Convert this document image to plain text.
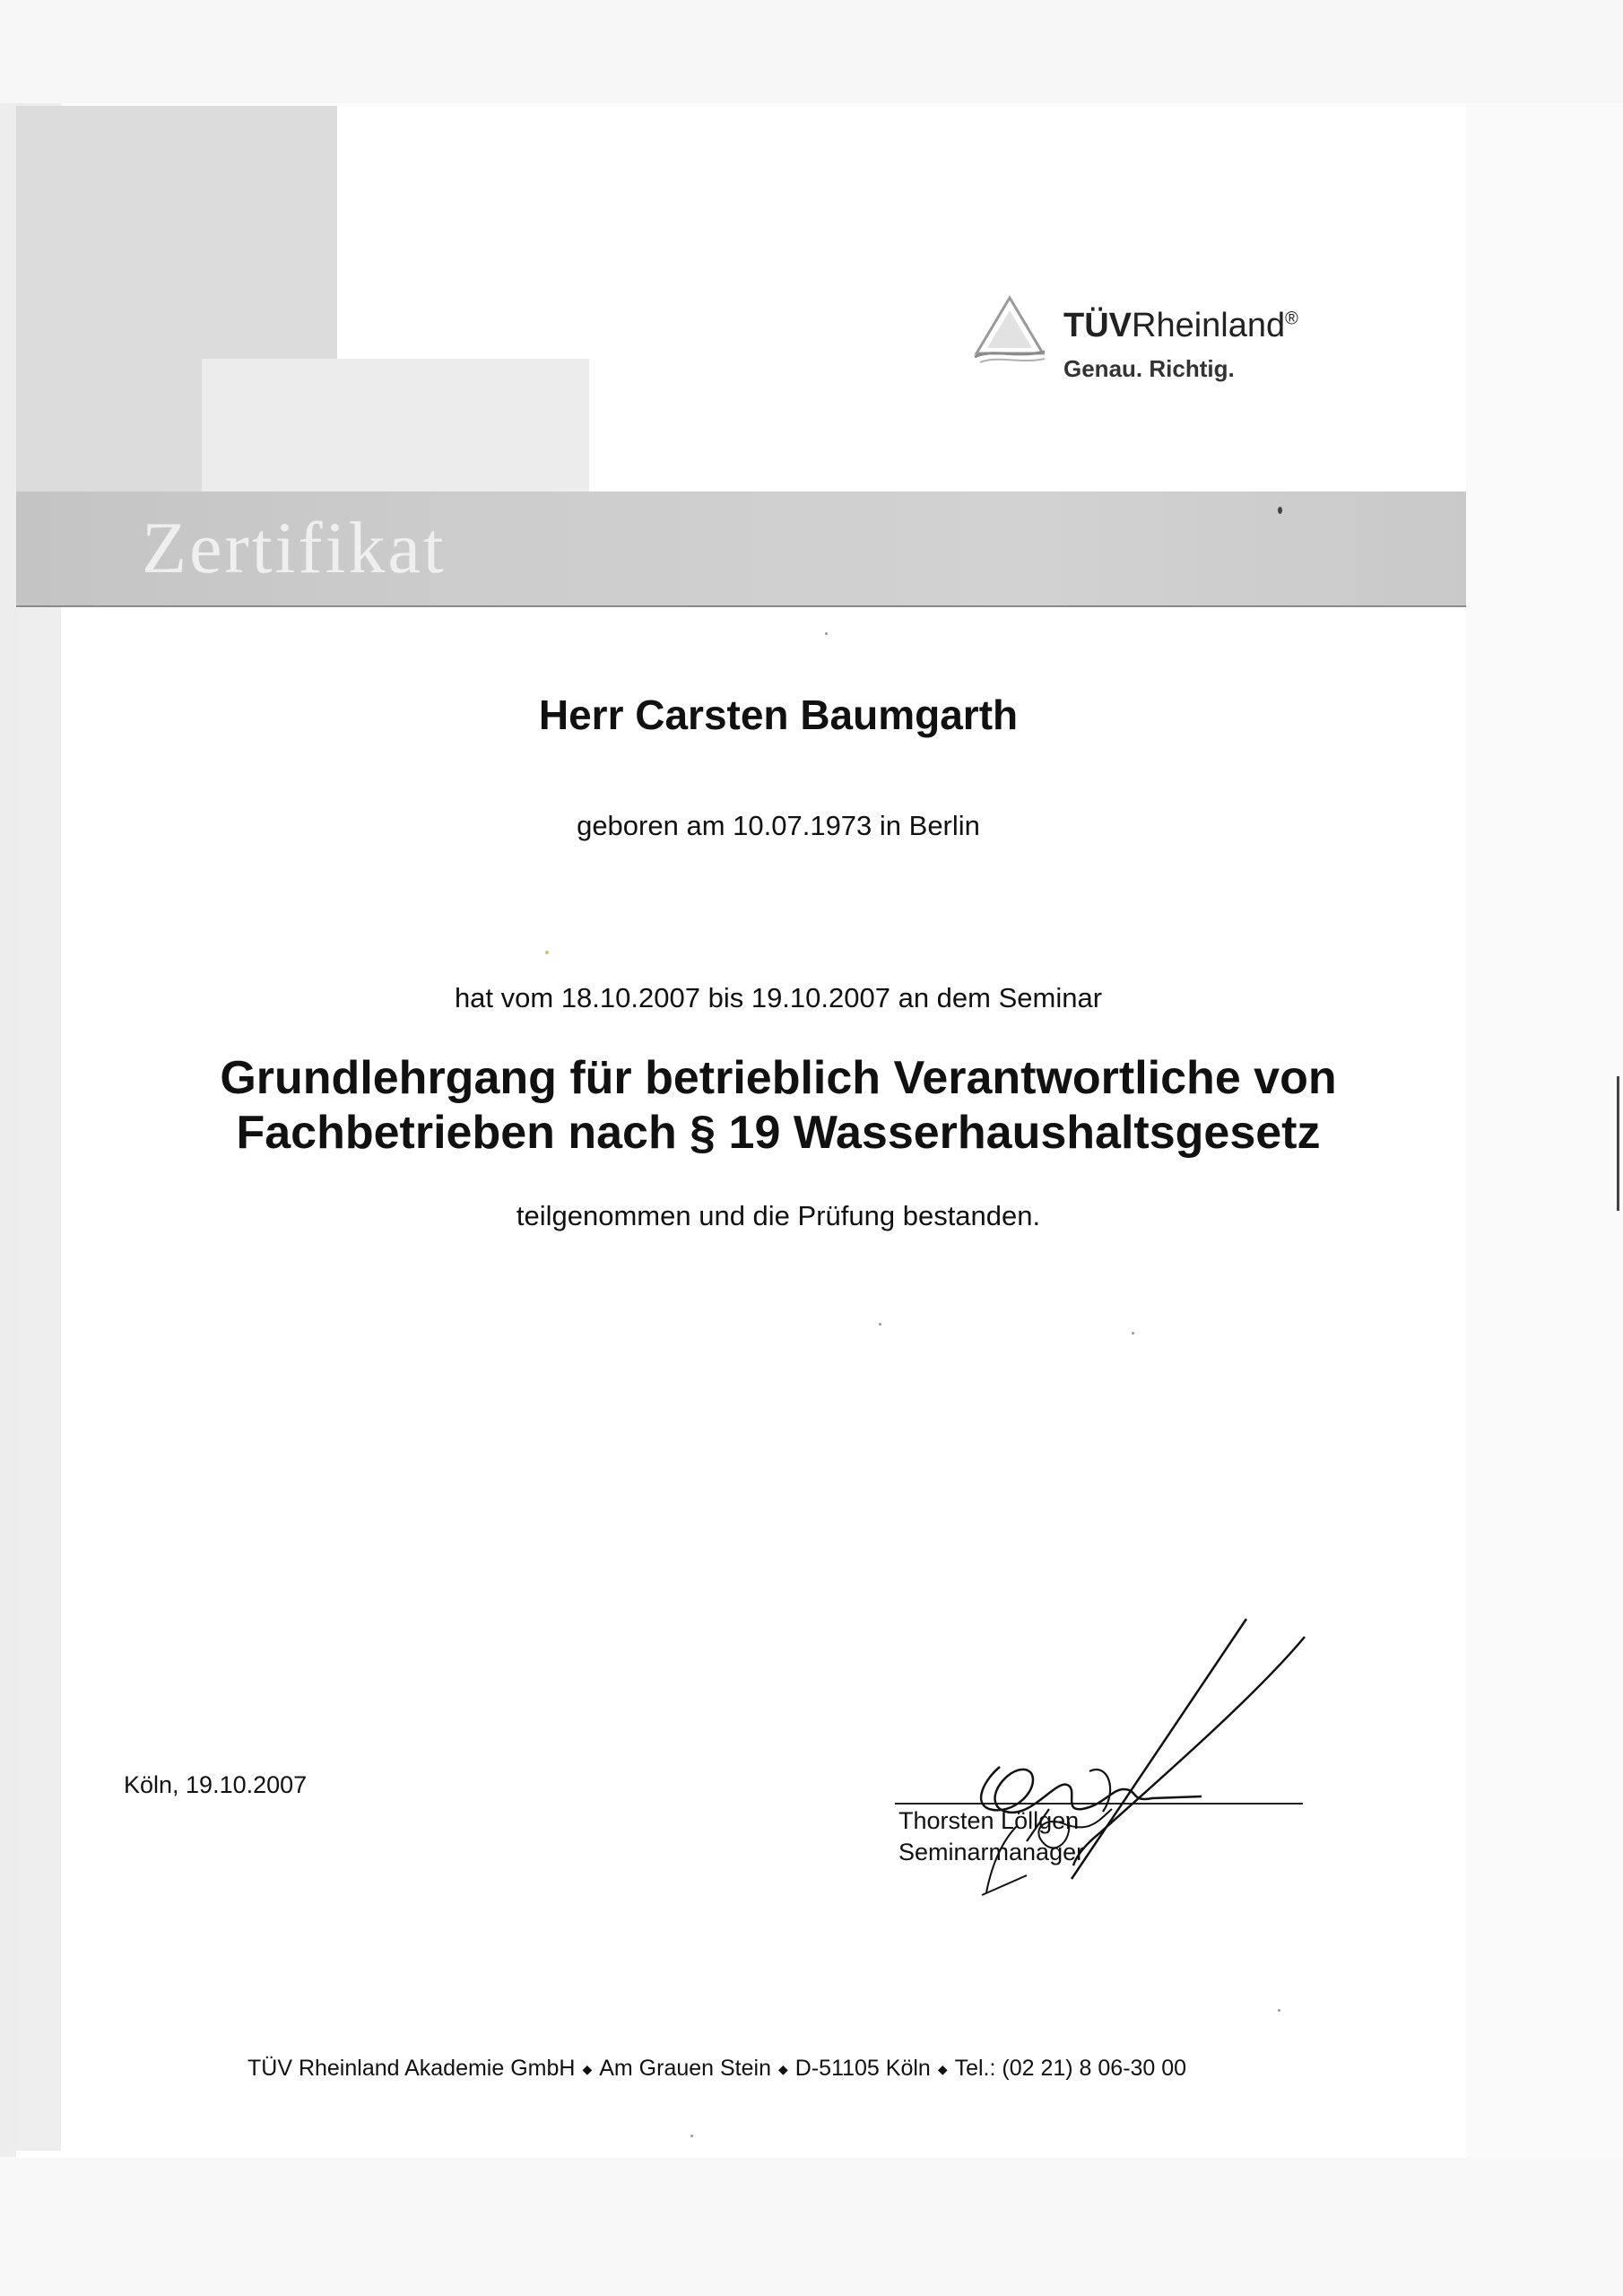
TÜVRheinland®
Genau. Richtig.
Zertifikat
Herr Carsten Baumgarth
geboren am 10.07.1973 in Berlin
hat vom 18.10.2007 bis 19.10.2007 an dem Seminar
Grundlehrgang für betrieblich Verantwortliche von
Fachbetrieben nach § 19 Wasserhaushaltsgesetz
teilgenommen und die Prüfung bestanden.
Köln, 19.10.2007
Thorsten Löllgen
Seminarmanager
TÜV Rheinland Akademie GmbH ◆ Am Grauen Stein ◆ D-51105 Köln ◆ Tel.: (02 21) 8 06-30 00
